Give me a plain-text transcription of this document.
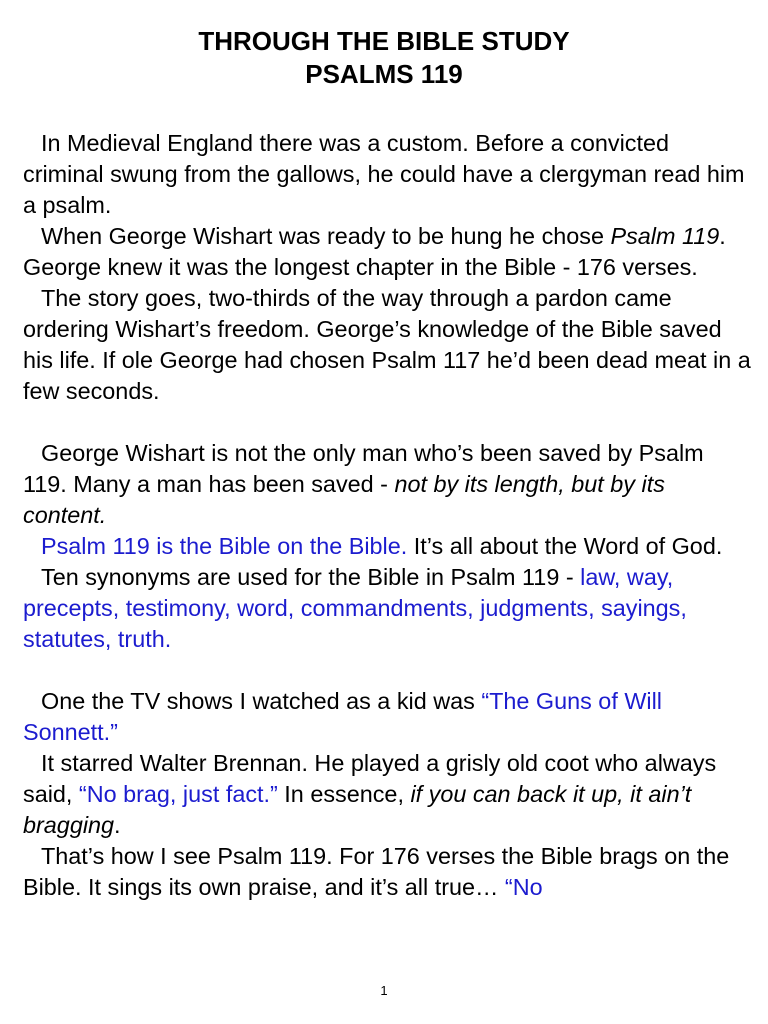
THROUGH THE BIBLE STUDY
PSALMS 119

In Medieval England there was a custom. Before a convicted criminal swung from the gallows, he could have a clergyman read him a psalm.

When George Wishart was ready to be hung he chose Psalm 119. George knew it was the longest chapter in the Bible - 176 verses.

The story goes, two-thirds of the way through a pardon came ordering Wishart’s freedom. George’s knowledge of the Bible saved his life. If ole George had chosen Psalm 117 he’d been dead meat in a few seconds.

George Wishart is not the only man who’s been saved by Psalm 119. Many a man has been saved - not by its length, but by its content.

Psalm 119 is the Bible on the Bible. It’s all about the Word of God.

Ten synonyms are used for the Bible in Psalm 119 - law, way, precepts, testimony, word, commandments, judgments, sayings, statutes, truth.

One the TV shows I watched as a kid was “The Guns of Will Sonnett.”

It starred Walter Brennan. He played a grisly old coot who always said, “No brag, just fact.” In essence, if you can back it up, it ain’t bragging.

That’s how I see Psalm 119. For 176 verses the Bible brags on the Bible. It sings its own praise, and it’s all true… “No

1
